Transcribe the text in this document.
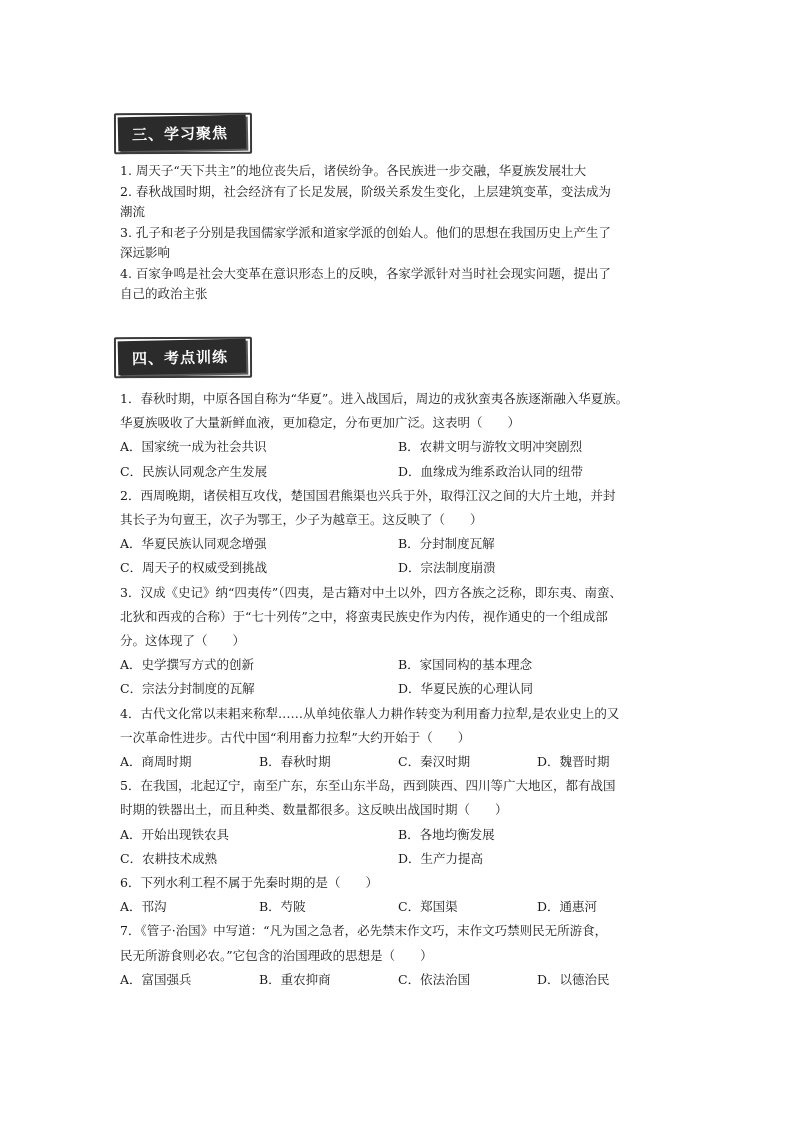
三、学习聚焦
1. 周天子“天下共主”的地位丧失后，诸侯纷争。各民族进一步交融，华夏族发展壮大
2. 春秋战国时期，社会经济有了长足发展，阶级关系发生变化，上层建筑变革，变法成为
潮流
3. 孔子和老子分别是我国儒家学派和道家学派的创始人。他们的思想在我国历史上产生了
深远影响
4. 百家争鸣是社会大变革在意识形态上的反映，各家学派针对当时社会现实问题，提出了
自己的政治主张
四、考点训练
1．春秋时期，中原各国自称为“华夏”。进入战国后，周边的戎狄蛮夷各族逐渐融入华夏族。
华夏族吸收了大量新鲜血液，更加稳定，分布更加广泛。这表明（　　）
A．国家统一成为社会共识	B．农耕文明与游牧文明冲突剧烈
C．民族认同观念产生发展	D．血缘成为维系政治认同的纽带
2．西周晚期，诸侯相互攻伐，楚国国君熊渠也兴兵于外，取得江汉之间的大片土地，并封
其长子为句亶王，次子为鄂王，少子为越章王。这反映了（　　）
A．华夏民族认同观念增强	B．分封制度瓦解
C．周天子的权威受到挑战	D．宗法制度崩溃
3．汉成《史记》纳“四夷传”（四夷，是古籍对中土以外，四方各族之泛称，即东夷、南蛮、
北狄和西戎的合称）于“七十列传”之中，将蛮夷民族史作为内传，视作通史的一个组成部
分。这体现了（　　）
A．史学撰写方式的创新	B．家国同构的基本理念
C．宗法分封制度的瓦解	D．华夏民族的心理认同
4．古代文化常以耒耜来称犁……从单纯依靠人力耕作转变为利用畜力拉犁,是农业史上的又
一次革命性进步。古代中国“利用畜力拉犁”大约开始于（　　）
A．商周时期	B．春秋时期	C．秦汉时期	D．魏晋时期
5．在我国，北起辽宁，南至广东，东至山东半岛，西到陕西、四川等广大地区，都有战国
时期的铁器出土，而且种类、数量都很多。这反映出战国时期（　　）
A．开始出现铁农具	B．各地均衡发展
C．农耕技术成熟	D．生产力提高
6．下列水利工程不属于先秦时期的是（　　）
A．邗沟	B．芍陂	C．郑国渠	D．通惠河
7．《管子·治国》中写道：“凡为国之急者，必先禁末作文巧，末作文巧禁则民无所游食，
民无所游食则必农。”它包含的治国理政的思想是（　　）
A．富国强兵	B．重农抑商	C．依法治国	D．以德治民
